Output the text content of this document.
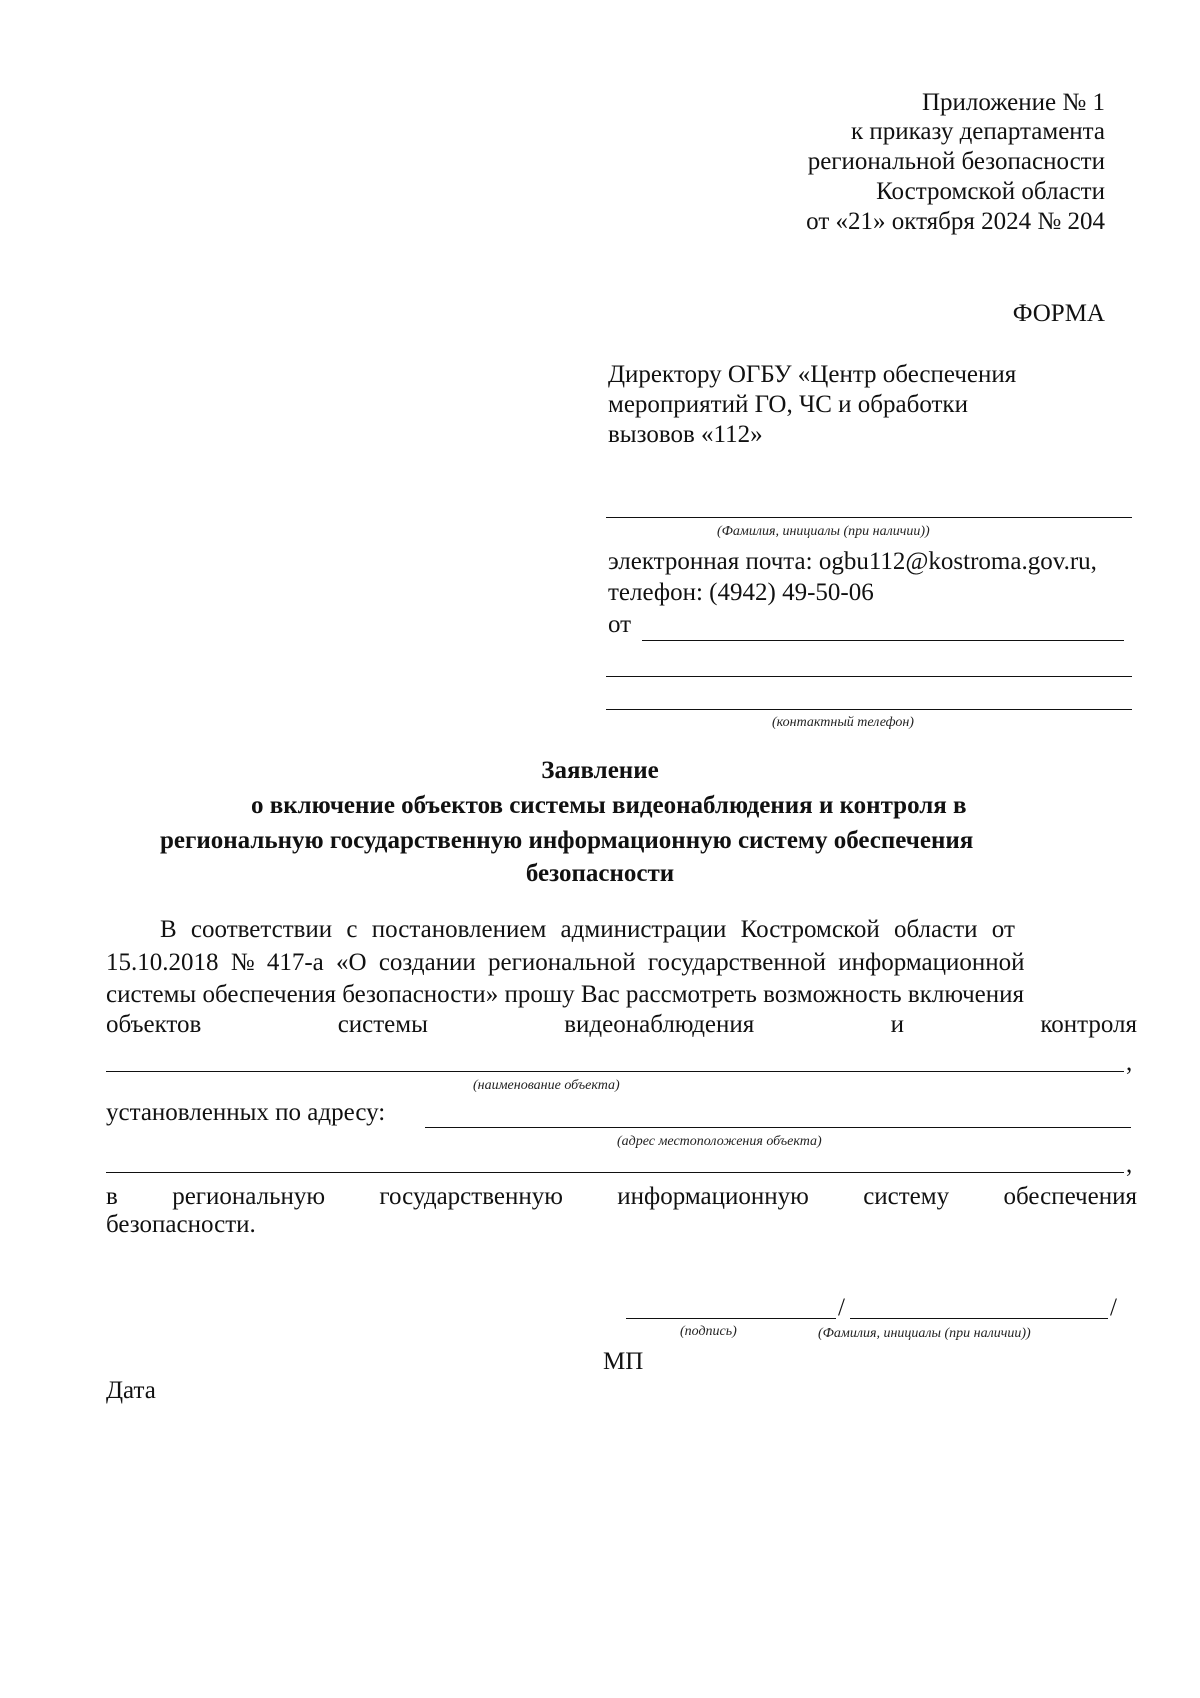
Приложение № 1
к приказу департамента
региональной безопасности
Костромской области
от «21» октября 2024 № 204
ФОРМА
Директору ОГБУ «Центр обеспечения
мероприятий ГО, ЧС и обработки
вызовов «112»
(Фамилия, инициалы (при наличии))
электронная почта: ogbu112@kostroma.gov.ru,
телефон: (4942) 49-50-06
от
(контактный телефон)
Заявление
о включение объектов системы видеонаблюдения и контроля в
региональную государственную информационную систему обеспечения
безопасности
В соответствии с постановлением администрации Костромской области от
15.10.2018 № 417-а «О создании региональной государственной информационной
системы обеспечения безопасности» прошу Вас рассмотреть возможность включения
объектов	системы	видеонаблюдения	и	контроля
,
(наименование объекта)
установленных по адресу:
(адрес местоположения объекта)
,
в региональную государственную информационную систему обеспечения
безопасности.
/	/
(подпись)	(Фамилия, инициалы (при наличии))
МП
Дата
